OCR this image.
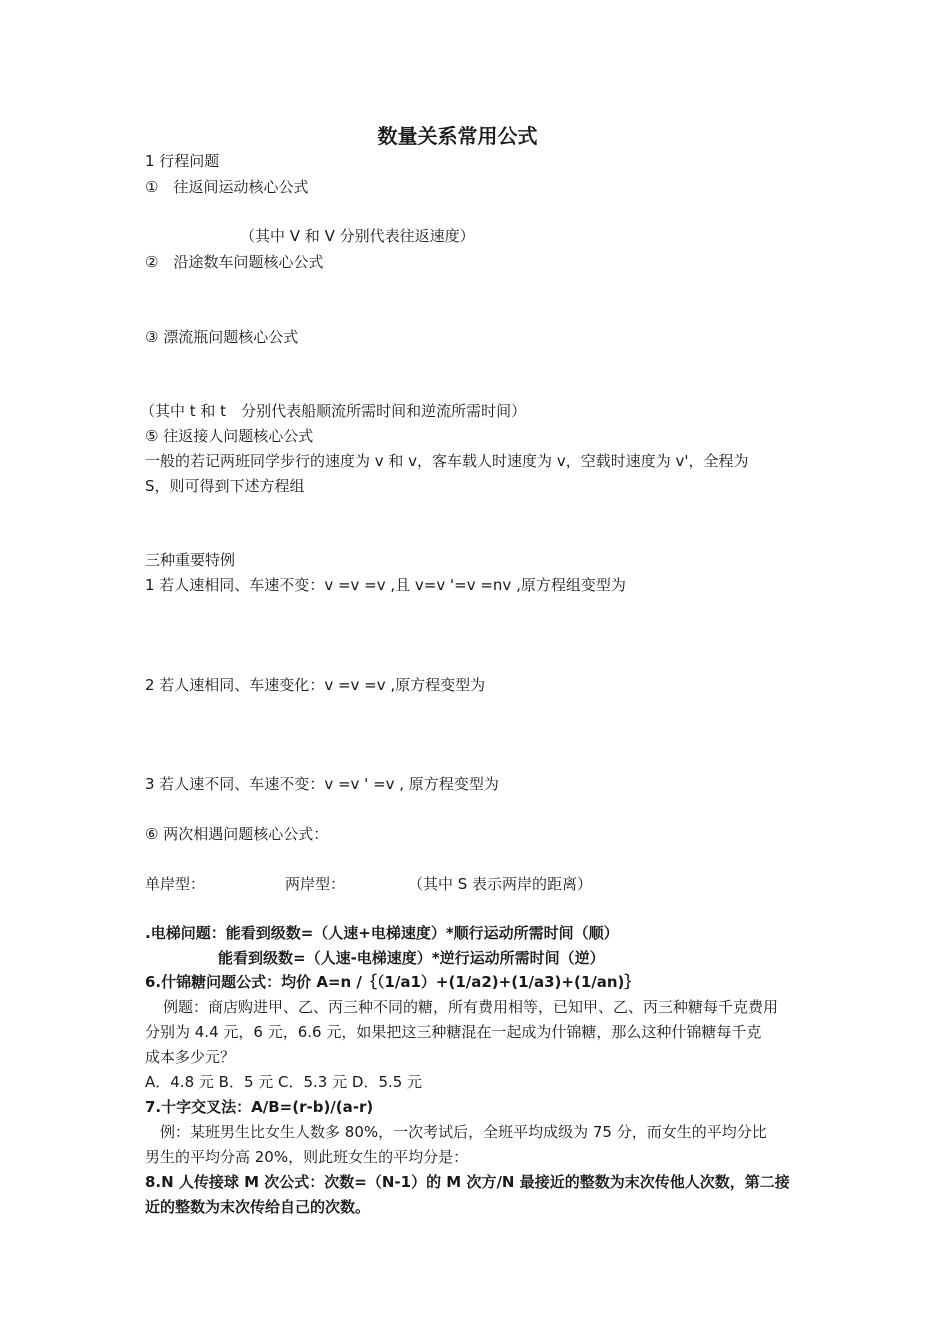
数量关系常用公式
1 行程问题
①　往返间运动核心公式
（其中 V 和 V 分别代表往返速度）
②　沿途数车问题核心公式
③ 漂流瓶问题核心公式
（其中 t 和 t　分别代表船顺流所需时间和逆流所需时间）
⑤ 往返接人问题核心公式
一般的若记两班同学步行的速度为 v 和 v，客车载人时速度为 v，空载时速度为 v'，全程为
S，则可得到下述方程组
三种重要特例
1 若人速相同、车速不变：v =v =v ,且 v=v '=v =nv ,原方程组变型为
2 若人速相同、车速变化：v =v =v ,原方程变型为
3 若人速不同、车速不变：v =v ' =v , 原方程变型为
⑥ 两次相遇问题核心公式：
单岸型：	两岸型：	（其中 S 表示两岸的距离）
.电梯问题：能看到级数=（人速+电梯速度）*顺行运动所需时间（顺）
能看到级数=（人速-电梯速度）*逆行运动所需时间（逆）
6.什锦糖问题公式：均价 A=n /｛（1/a1）+(1/a2)+(1/a3)+(1/an)｝
例题：商店购进甲、乙、丙三种不同的糖，所有费用相等，已知甲、乙、丙三种糖每千克费用
分别为 4.4 元，6 元，6.6 元，如果把这三种糖混在一起成为什锦糖，那么这种什锦糖每千克
成本多少元？
A．4.8 元 B．5 元 C．5.3 元 D．5.5 元
7.十字交叉法：A/B=(r-b)/(a-r)
例：某班男生比女生人数多 80%，一次考试后，全班平均成级为 75 分，而女生的平均分比
男生的平均分高 20%，则此班女生的平均分是：
8.N 人传接球 M 次公式：次数=（N-1）的 M 次方/N 最接近的整数为末次传他人次数，第二接
近的整数为末次传给自己的次数。
